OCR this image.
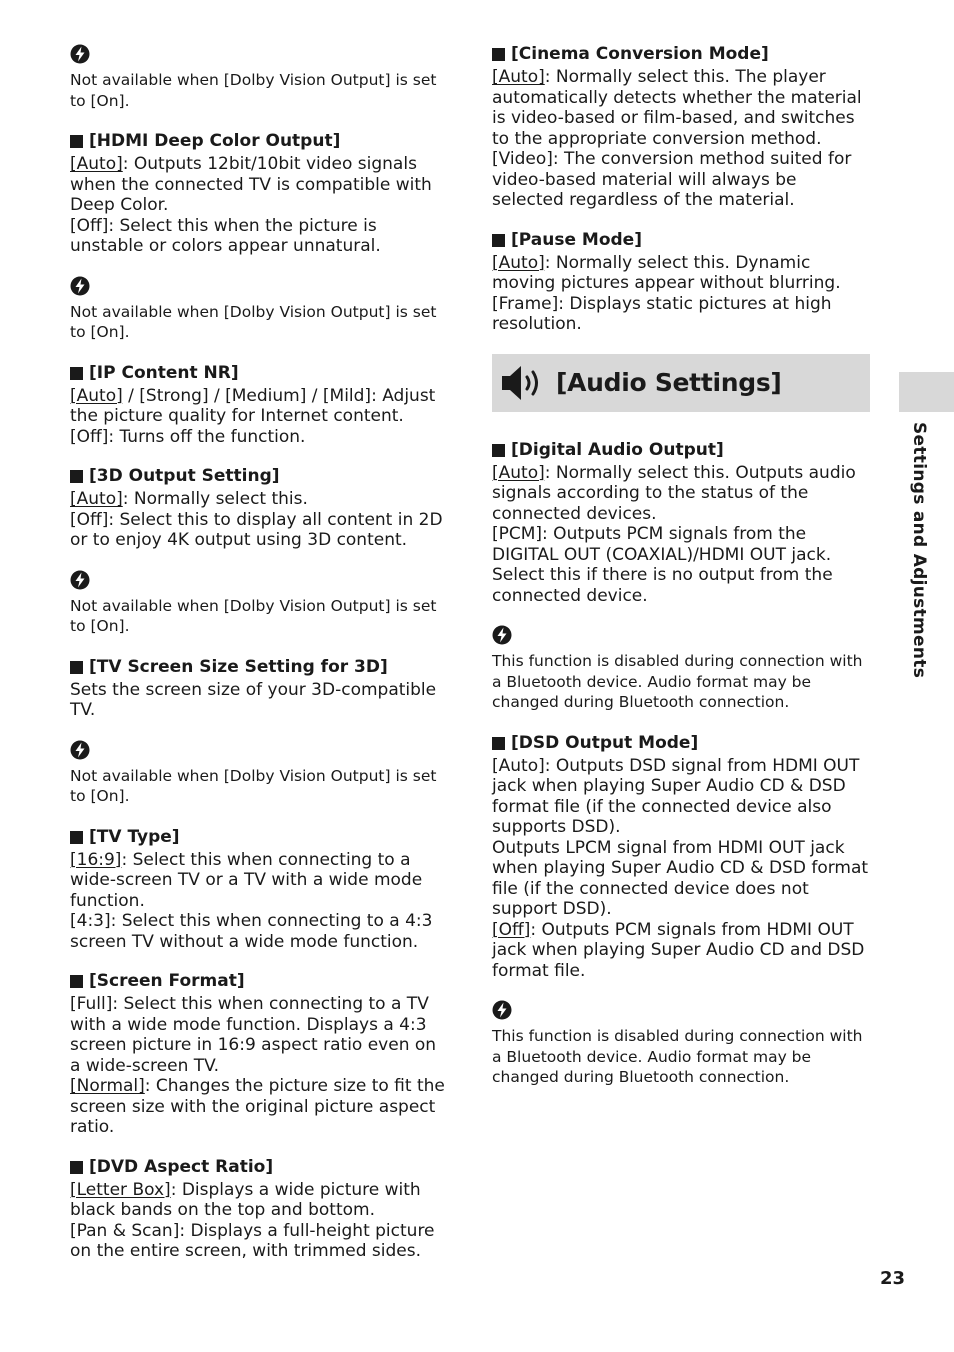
Not available when [Dolby Vision Output] is set to [On].

[HDMI Deep Color Output]

[Auto]: Outputs 12bit/10bit video signals when the connected TV is compatible with Deep Color.

[Off]: Select this when the picture is unstable or colors appear unnatural.

Not available when [Dolby Vision Output] is set to [On].

[IP Content NR]

[Auto] / [Strong] / [Medium] / [Mild]: Adjust the picture quality for Internet content.

[Off]: Turns off the function.

[3D Output Setting]

[Auto]: Normally select this.

[Off]: Select this to display all content in 2D or to enjoy 4K output using 3D content.

Not available when [Dolby Vision Output] is set to [On].

[TV Screen Size Setting for 3D]

Sets the screen size of your 3D-compatible TV.

Not available when [Dolby Vision Output] is set to [On].

[TV Type]

[16:9]: Select this when connecting to a wide-screen TV or a TV with a wide mode function.

[4:3]: Select this when connecting to a 4:3 screen TV without a wide mode function.

[Screen Format]

[Full]: Select this when connecting to a TV with a wide mode function. Displays a 4:3 screen picture in 16:9 aspect ratio even on a wide-screen TV.

[Normal]: Changes the picture size to fit the screen size with the original picture aspect ratio.

[DVD Aspect Ratio]

[Letter Box]: Displays a wide picture with black bands on the top and bottom.

[Pan & Scan]: Displays a full-height picture on the entire screen, with trimmed sides.

[Cinema Conversion Mode]

[Auto]: Normally select this. The player automatically detects whether the material is video-based or film-based, and switches to the appropriate conversion method.

[Video]: The conversion method suited for video-based material will always be selected regardless of the material.

[Pause Mode]

[Auto]: Normally select this. Dynamic moving pictures appear without blurring.

[Frame]: Displays static pictures at high resolution.

[Audio Settings]
[Digital Audio Output]

[Auto]: Normally select this. Outputs audio signals according to the status of the connected devices.

[PCM]: Outputs PCM signals from the DIGITAL OUT (COAXIAL)/HDMI OUT jack. Select this if there is no output from the connected device.

This function is disabled during connection with a Bluetooth device. Audio format may be changed during Bluetooth connection.

[DSD Output Mode]

[Auto]: Outputs DSD signal from HDMI OUT jack when playing Super Audio CD & DSD format file (if the connected device also supports DSD).

Outputs LPCM signal from HDMI OUT jack when playing Super Audio CD & DSD format file (if the connected device does not support DSD).

[Off]: Outputs PCM signals from HDMI OUT jack when playing Super Audio CD and DSD format file.

This function is disabled during connection with a Bluetooth device. Audio format may be changed during Bluetooth connection.

Settings and Adjustments
23
